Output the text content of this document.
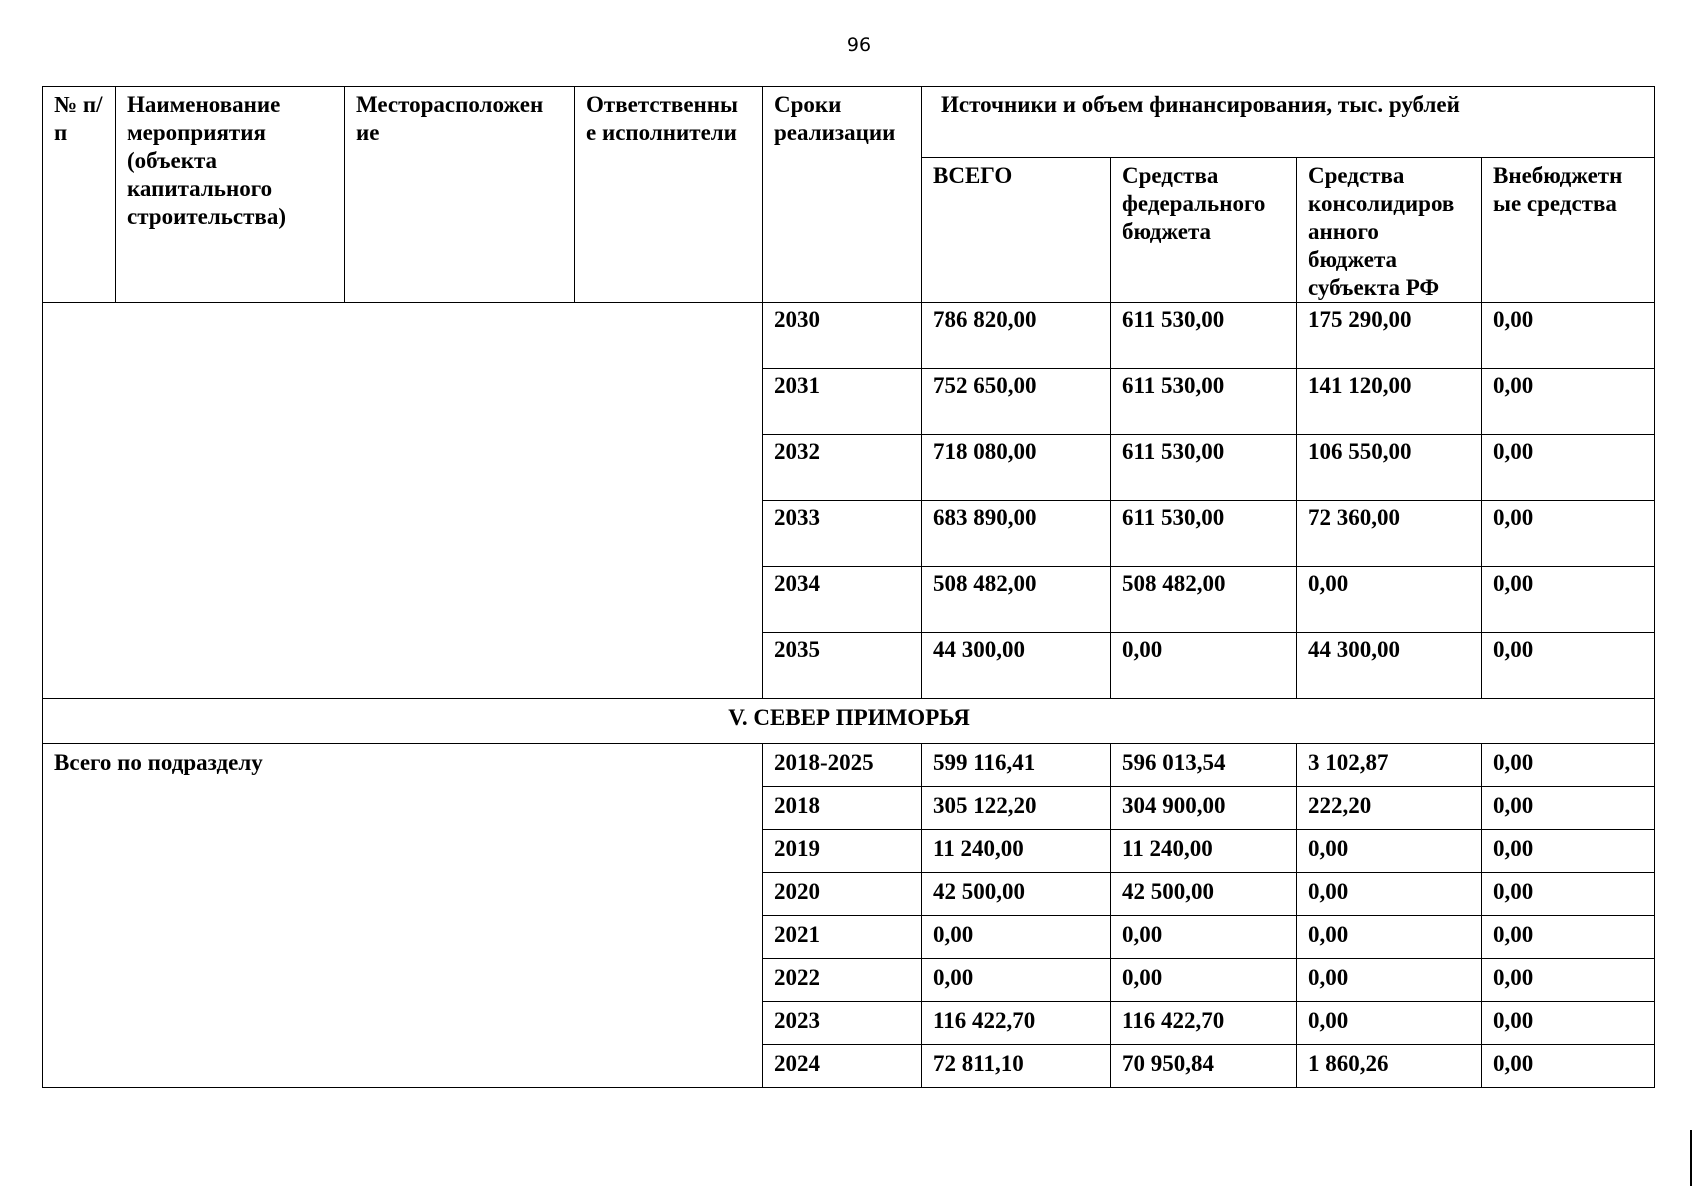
96
№ п/п	Наименование мероприятия (объекта капитального строительства)	Месторасположен ие	Ответственны е исполнители	Сроки реализации	Источники и объем финансирования, тыс. рублей			
					ВСЕГО	Средства федерального бюджета	Средства консолидиров анного бюджета субъекта РФ	Внебюджетн ые средства
				2030	786 820,00	611 530,00	175 290,00	0,00
				2031	752 650,00	611 530,00	141 120,00	0,00
				2032	718 080,00	611 530,00	106 550,00	0,00
				2033	683 890,00	611 530,00	72 360,00	0,00
				2034	508 482,00	508 482,00	0,00	0,00
				2035	44 300,00	0,00	44 300,00	0,00
V. СЕВЕР ПРИМОРЬЯ								
Всего по подразделу				2018-2025	599 116,41	596 013,54	3 102,87	0,00
				2018	305 122,20	304 900,00	222,20	0,00
				2019	11 240,00	11 240,00	0,00	0,00
				2020	42 500,00	42 500,00	0,00	0,00
				2021	0,00	0,00	0,00	0,00
				2022	0,00	0,00	0,00	0,00
				2023	116 422,70	116 422,70	0,00	0,00
				2024	72 811,10	70 950,84	1 860,26	0,00
